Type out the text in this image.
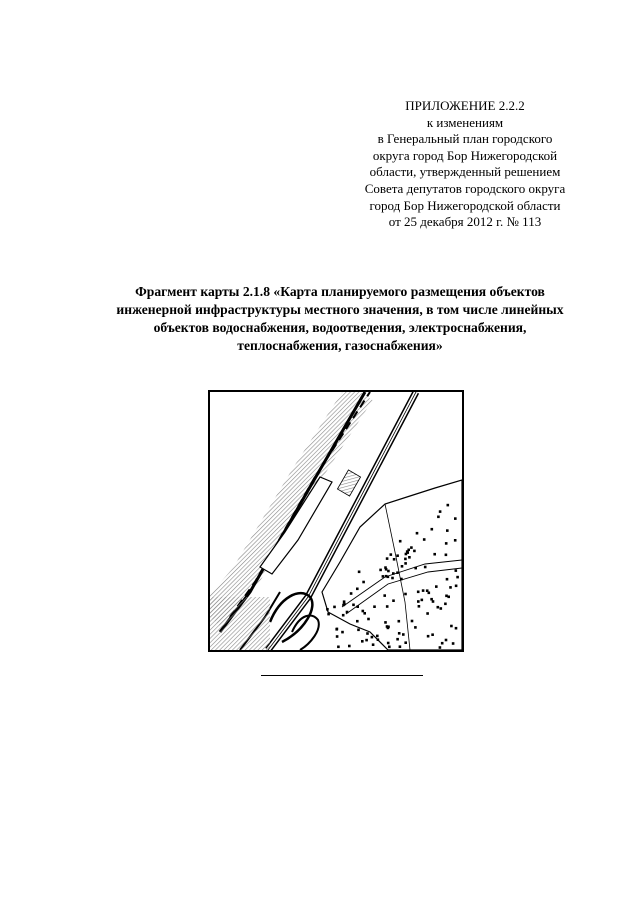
ПРИЛОЖЕНИЕ 2.2.2
к изменениям
в Генеральный план городского
округа город Бор Нижегородской
области, утвержденный решением
Совета депутатов городского округа
город Бор Нижегородской области
от 25 декабря 2012 г. № 113
Фрагмент карты 2.1.8 «Карта планируемого размещения объектов
инженерной инфраструктуры местного значения, в том числе линейных
объектов водоснабжения, водоотведения, электроснабжения,
теплоснабжения, газоснабжения»
